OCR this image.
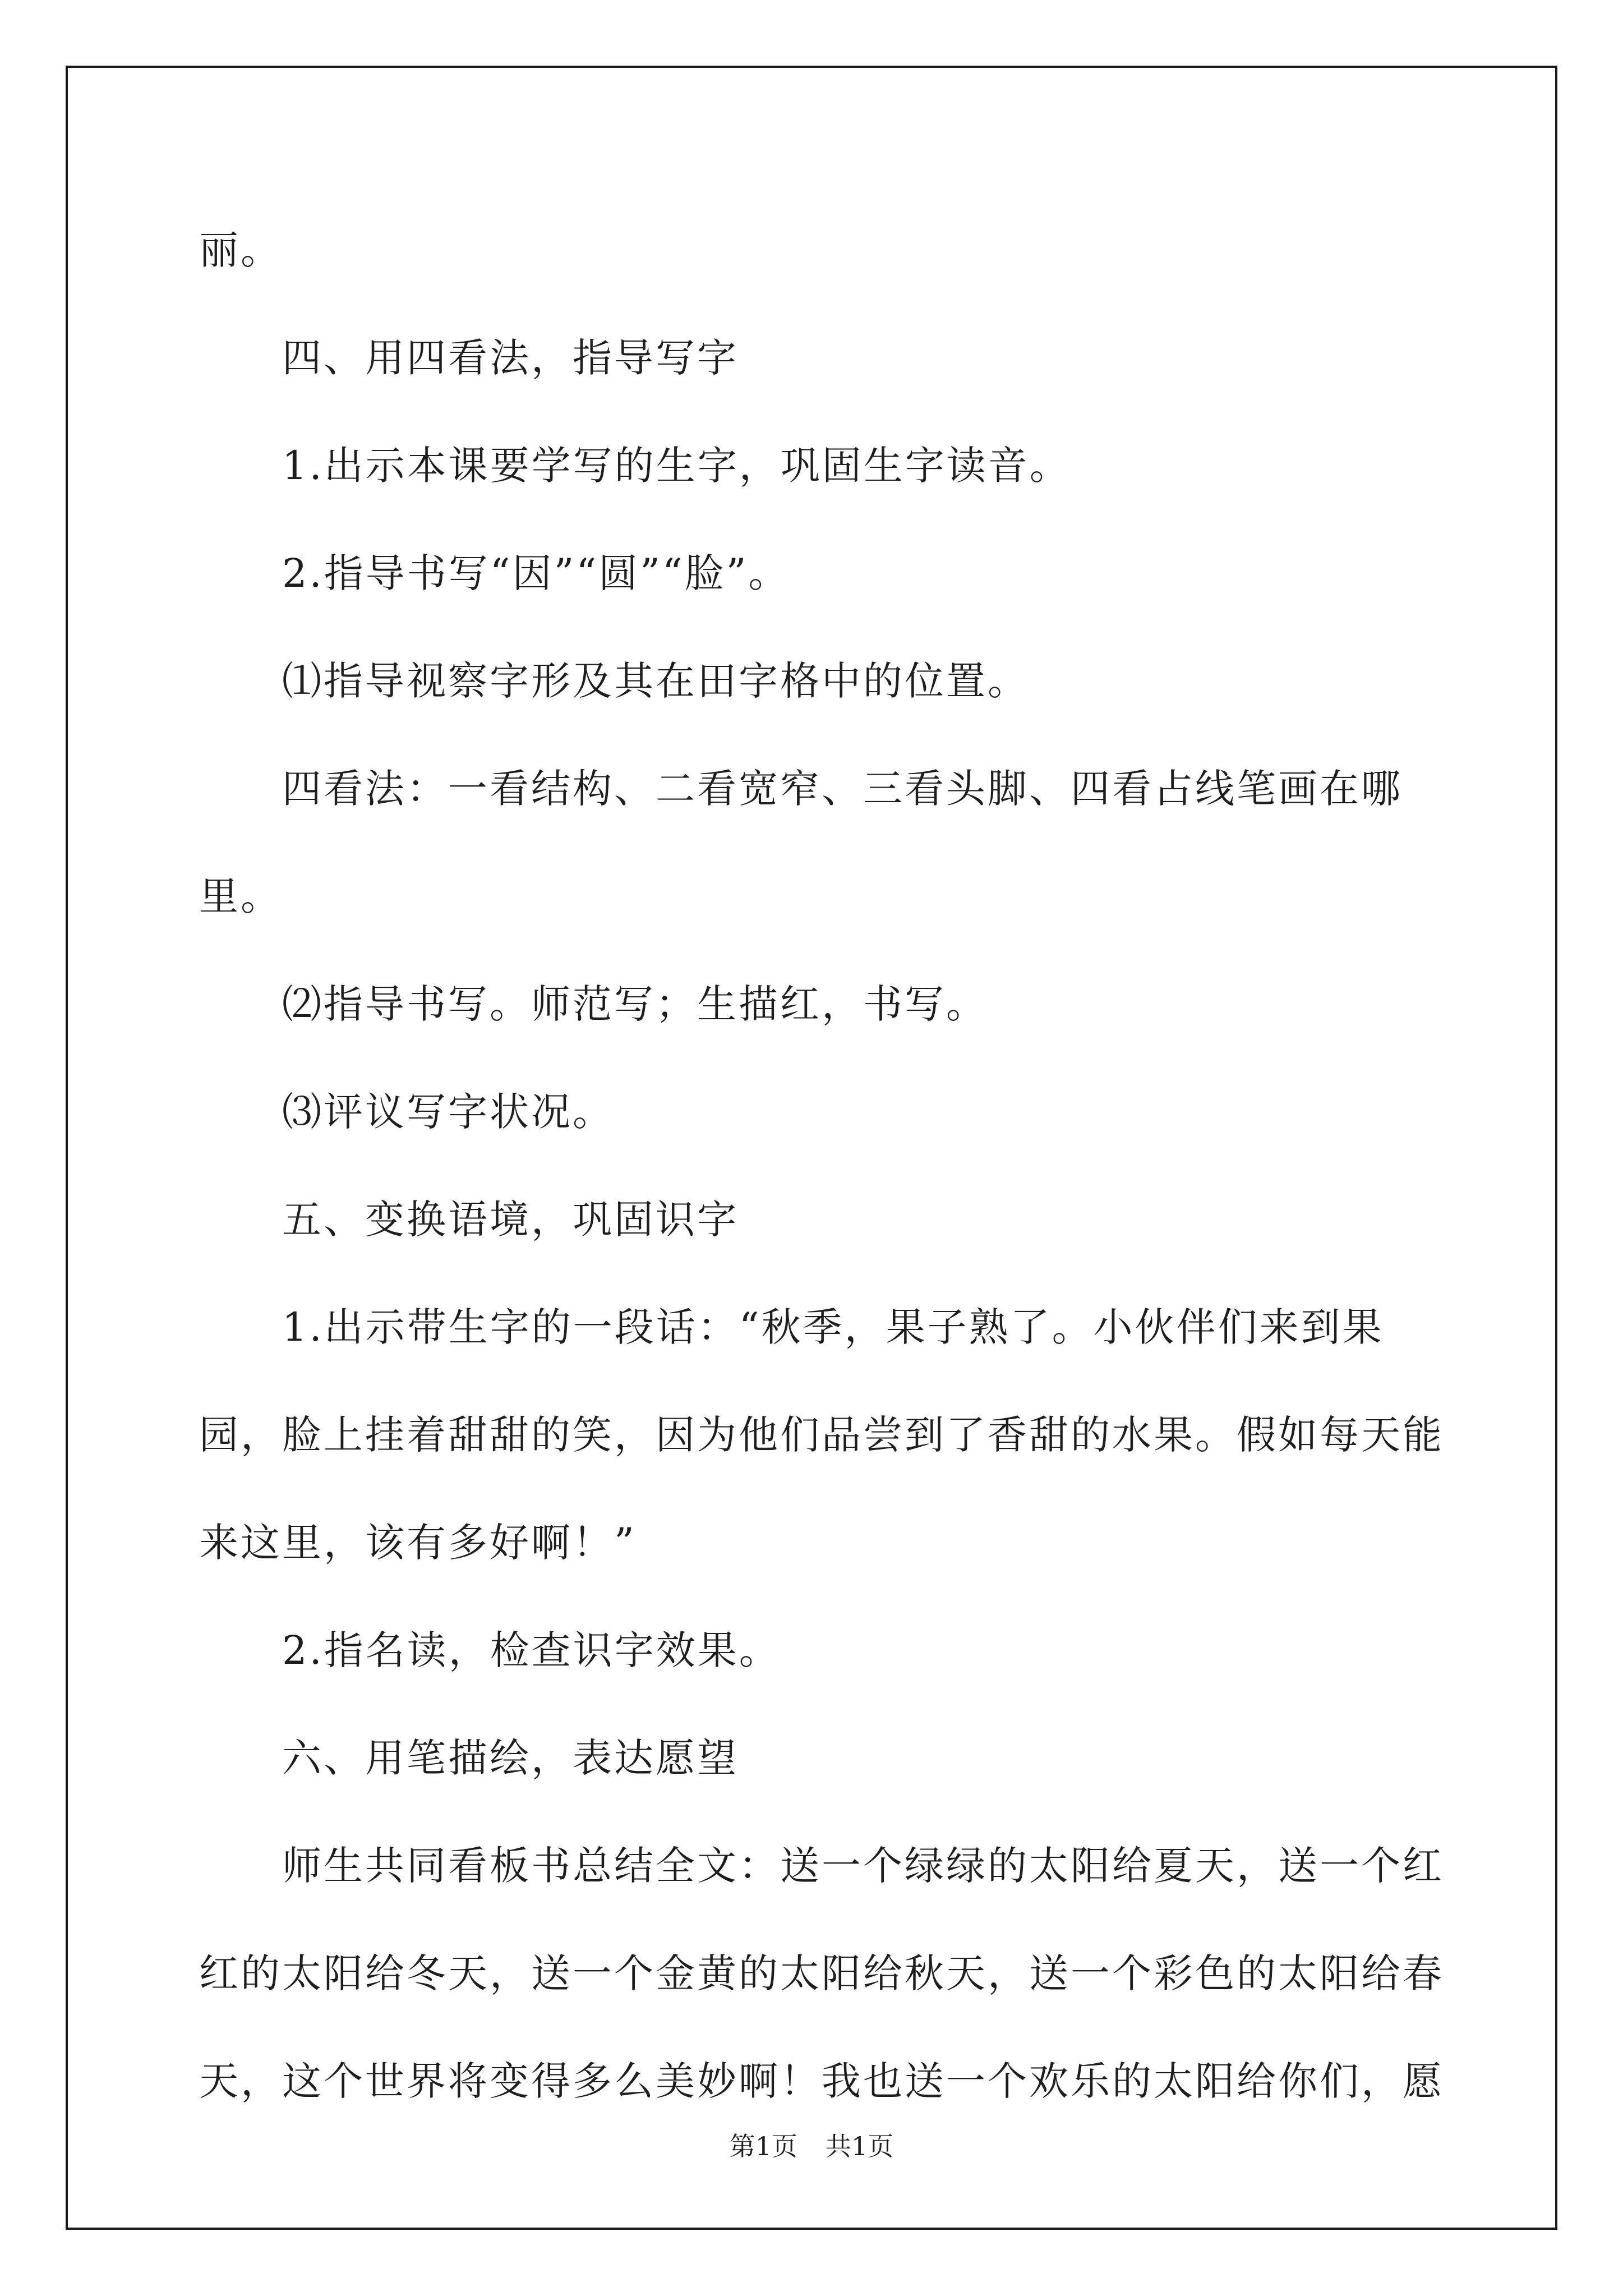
丽。

四、用四看法，指导写字

1.出示本课要学写的生字，巩固生字读音。

2.指导书写“因”“圆”“脸”。

⑴指导视察字形及其在田字格中的位置。

四看法：一看结构、二看宽窄、三看头脚、四看占线笔画在哪里。

⑵指导书写。师范写；生描红，书写。

⑶评议写字状况。

五、变换语境，巩固识字

1.出示带生字的一段话：“秋季，果子熟了。小伙伴们来到果园，脸上挂着甜甜的笑，因为他们品尝到了香甜的水果。假如每天能来这里，该有多好啊！”

2.指名读，检查识字效果。

六、用笔描绘，表达愿望

师生共同看板书总结全文：送一个绿绿的太阳给夏天，送一个红红的太阳给冬天，送一个金黄的太阳给秋天，送一个彩色的太阳给春天，这个世界将变得多么美妙啊！我也送一个欢乐的太阳给你们，愿

第1页 共1页
